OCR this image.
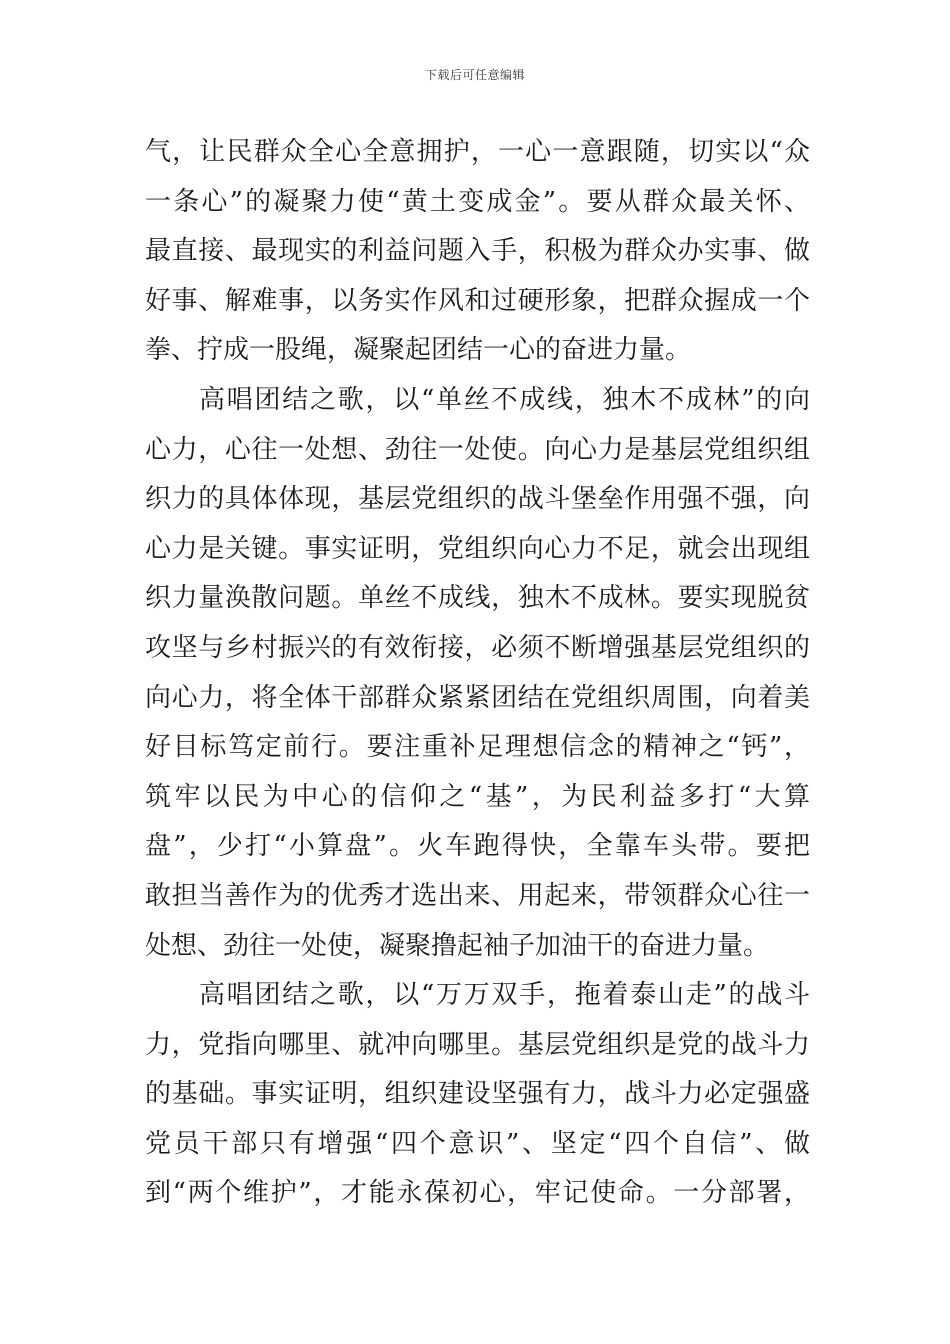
下载后可任意编辑
气，让民群众全心全意拥护，一心一意跟随，切实以“众
一条心”的凝聚力使“黄土变成金”。要从群众最关怀、
最直接、最现实的利益问题入手，积极为群众办实事、做
好事、解难事，以务实作风和过硬形象，把群众握成一个
拳、拧成一股绳，凝聚起团结一心的奋进力量。
高唱团结之歌，以“单丝不成线，独木不成林”的向
心力，心往一处想、劲往一处使。向心力是基层党组织组
织力的具体体现，基层党组织的战斗堡垒作用强不强，向
心力是关键。事实证明，党组织向心力不足，就会出现组
织力量涣散问题。单丝不成线，独木不成林。要实现脱贫
攻坚与乡村振兴的有效衔接，必须不断增强基层党组织的
向心力，将全体干部群众紧紧团结在党组织周围，向着美
好目标笃定前行。要注重补足理想信念的精神之“钙”，
筑牢以民为中心的信仰之“基”，为民利益多打“大算
盘”，少打“小算盘”。火车跑得快，全靠车头带。要把
敢担当善作为的优秀才选出来、用起来，带领群众心往一
处想、劲往一处使，凝聚撸起袖子加油干的奋进力量。
高唱团结之歌，以“万万双手，拖着泰山走”的战斗
力，党指向哪里、就冲向哪里。基层党组织是党的战斗力
的基础。事实证明，组织建设坚强有力，战斗力必定强盛
党员干部只有增强“四个意识”、坚定“四个自信”、做
到“两个维护”，才能永葆初心，牢记使命。一分部署，
